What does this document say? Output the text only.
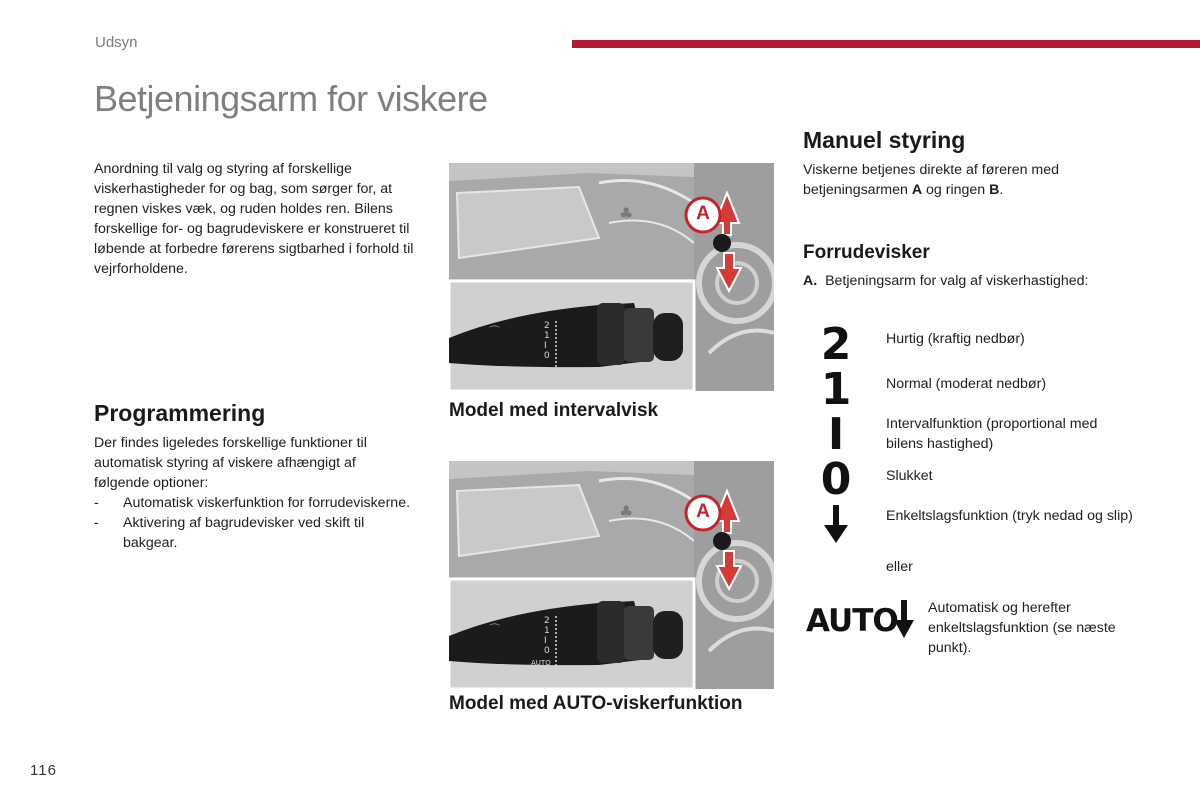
Udsyn
Betjeningsarm for viskere
Anordning til valg og styring af forskellige viskerhastigheder for og bag, som sørger for, at regnen viskes væk, og ruden holdes ren. Bilens forskellige for- og bagrudeviskere er konstrueret til løbende at forbedre førerens sigtbarhed i forhold til vejrforholdene.
Programmering
Der findes ligeledes forskellige funktioner til automatisk styring af viskere afhængigt af følgende optioner:
- Automatisk viskerfunktion for forrudeviskerne.
- Aktivering af bagrudevisker ved skift til bakgear.
♣
⌒	2
1
I
0
A
Model med intervalvisk
♣
⌒
2
1
I
0
AUTO
A
Model med AUTO-viskerfunktion
Manuel styring
Viskerne betjenes direkte af føreren med betjeningsarmen A og ringen B.
Forrudevisker
A. Betjeningsarm for valg af viskerhastighed:
2	Hurtig (kraftig nedbør)
1	Normal (moderat nedbør)
I	Intervalfunktion (proportional med bilens hastighed)
0	Slukket
Enkeltslagsfunktion (tryk nedad og slip)
eller
AUTO Automatisk og herefter enkeltslagsfunktion (se næste punkt).
116
